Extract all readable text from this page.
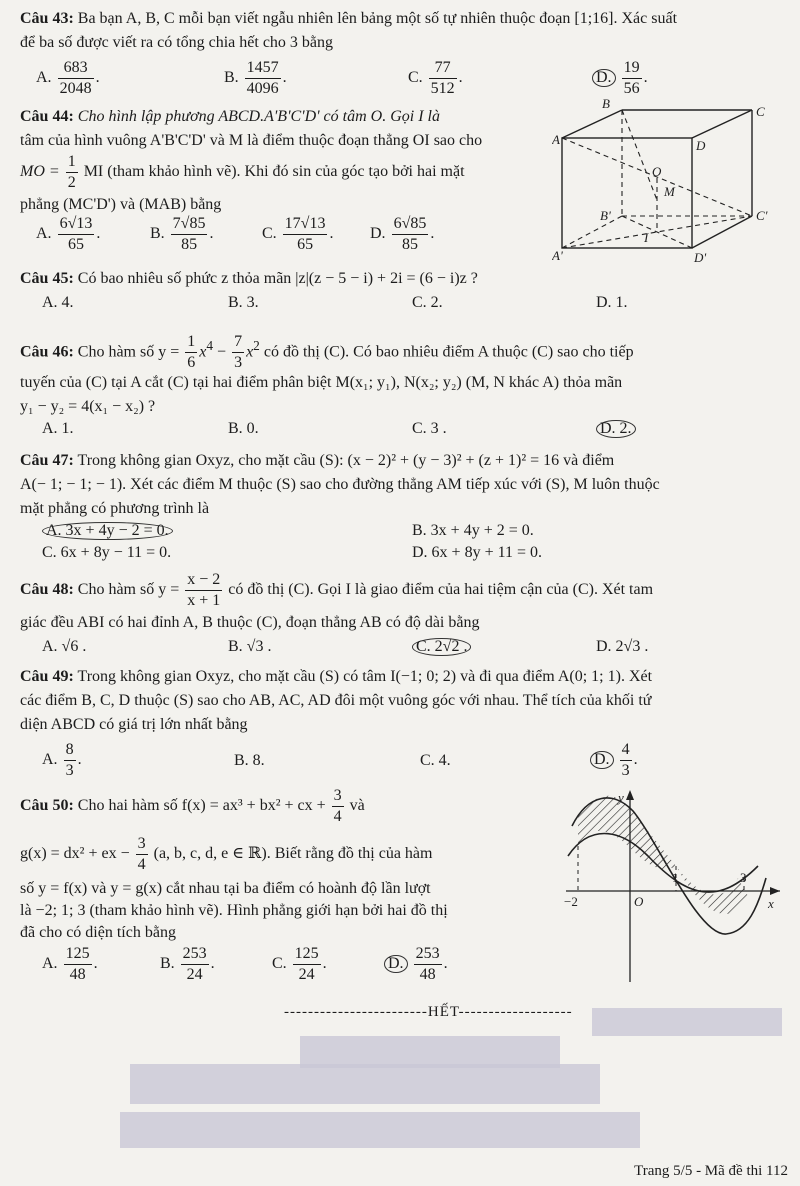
Câu 43: Ba bạn A, B, C mỗi bạn viết ngẫu nhiên lên bảng một số tự nhiên thuộc đoạn [1;16]. Xác suất
để ba số được viết ra có tổng chia hết cho 3 bằng
A. $\frac{683}{2048}$ .	B. $\frac{1457}{4096}$ .	C. $\frac{77}{512}$ .	D. $\frac{19}{56}$ .
Câu 44: Cho hình lập phương ABCD.A'B'C'D' có tâm O. Gọi I là
tâm của hình vuông A'B'C'D' và M là điểm thuộc đoạn thẳng OI sao cho
MO = $\frac{1}{2}$ MI (tham khảo hình vẽ). Khi đó sin của góc tạo bởi hai mặt
phẳng (MC'D') và (MAB) bằng
A. $\frac{6√13}{65}$ .	B. $\frac{7√85}{85}$ .	C. $\frac{17√13}{65}$ . D. $\frac{6√85}{85}$ .
B
C
A	D
O
M
B'	C'
I
A'	D'
Câu 45: Có bao nhiêu số phức z thỏa mãn |z|(z − 5 − i) + 2i = (6 − i)z ?
A. 4.	B. 3.	C. 2.	D. 1.
Câu 46: Cho hàm số $y = \frac{1}{6} x^4 - \frac{7}{3} x^2$ có đồ thị (C). Có bao nhiêu điểm A thuộc (C) sao cho tiếp
tuyến của (C) tại A cắt (C) tại hai điểm phân biệt M(x₁; y₁), N(x₂; y₂) (M, N khác A) thỏa mãn
y₁ − y₂ = 4(x₁ − x₂) ?
A. 1.	B. 0.	C. 3 .	D. 2.
Câu 47: Trong không gian Oxyz, cho mặt cầu (S): (x − 2)² + (y − 3)² + (z + 1)² = 16 và điểm
A(− 1; − 1; − 1). Xét các điểm M thuộc (S) sao cho đường thẳng AM tiếp xúc với (S), M luôn thuộc
mặt phẳng có phương trình là
A. 3x + 4y − 2 = 0.	B. 3x + 4y + 2 = 0.
C. 6x + 8y − 11 = 0.	D. 6x + 8y + 11 = 0.
Câu 48: Cho hàm số $y = \frac{x - 2}{x + 1}$ có đồ thị (C). Gọi I là giao điểm của hai tiệm cận của (C). Xét tam
giác đều ABI có hai đỉnh A, B thuộc (C), đoạn thẳng AB có độ dài bằng
A. √6 .	B. √3 .	C. 2√2 .	D. 2√3 .
Câu 49: Trong không gian Oxyz, cho mặt cầu (S) có tâm I(−1; 0; 2) và đi qua điểm A(0; 1; 1). Xét
các điểm B, C, D thuộc (S) sao cho AB, AC, AD đôi một vuông góc với nhau. Thể tích của khối tứ
diện ABCD có giá trị lớn nhất bằng
A. $\frac{8}{3}$ .	B. 8.	C. 4.	D. $\frac{4}{3}$ .
Câu 50: Cho hai hàm số f(x) = ax³ + bx² + cx + $\frac{3}{4}$ và
g(x) = dx² + ex − $\frac{3}{4} (a$, b, c, d, e ∈ ℝ). Biết rằng đồ thị của hàm
số y = f(x) và y = g(x) cắt nhau tại ba điểm có hoành độ lần lượt
là −2; 1; 3 (tham khảo hình vẽ). Hình phẳng giới hạn bởi hai đồ thị
đã cho có diện tích bằng
A. $\frac{125}{48}$ .	B. $\frac{253}{24}$ .	C. $\frac{125}{24}$ .	D. $\frac{253}{48}$ .
y
x
O
1	3
−2
------------------------HẾT-------------------
Trang 5/5 - Mã đề thi 112
